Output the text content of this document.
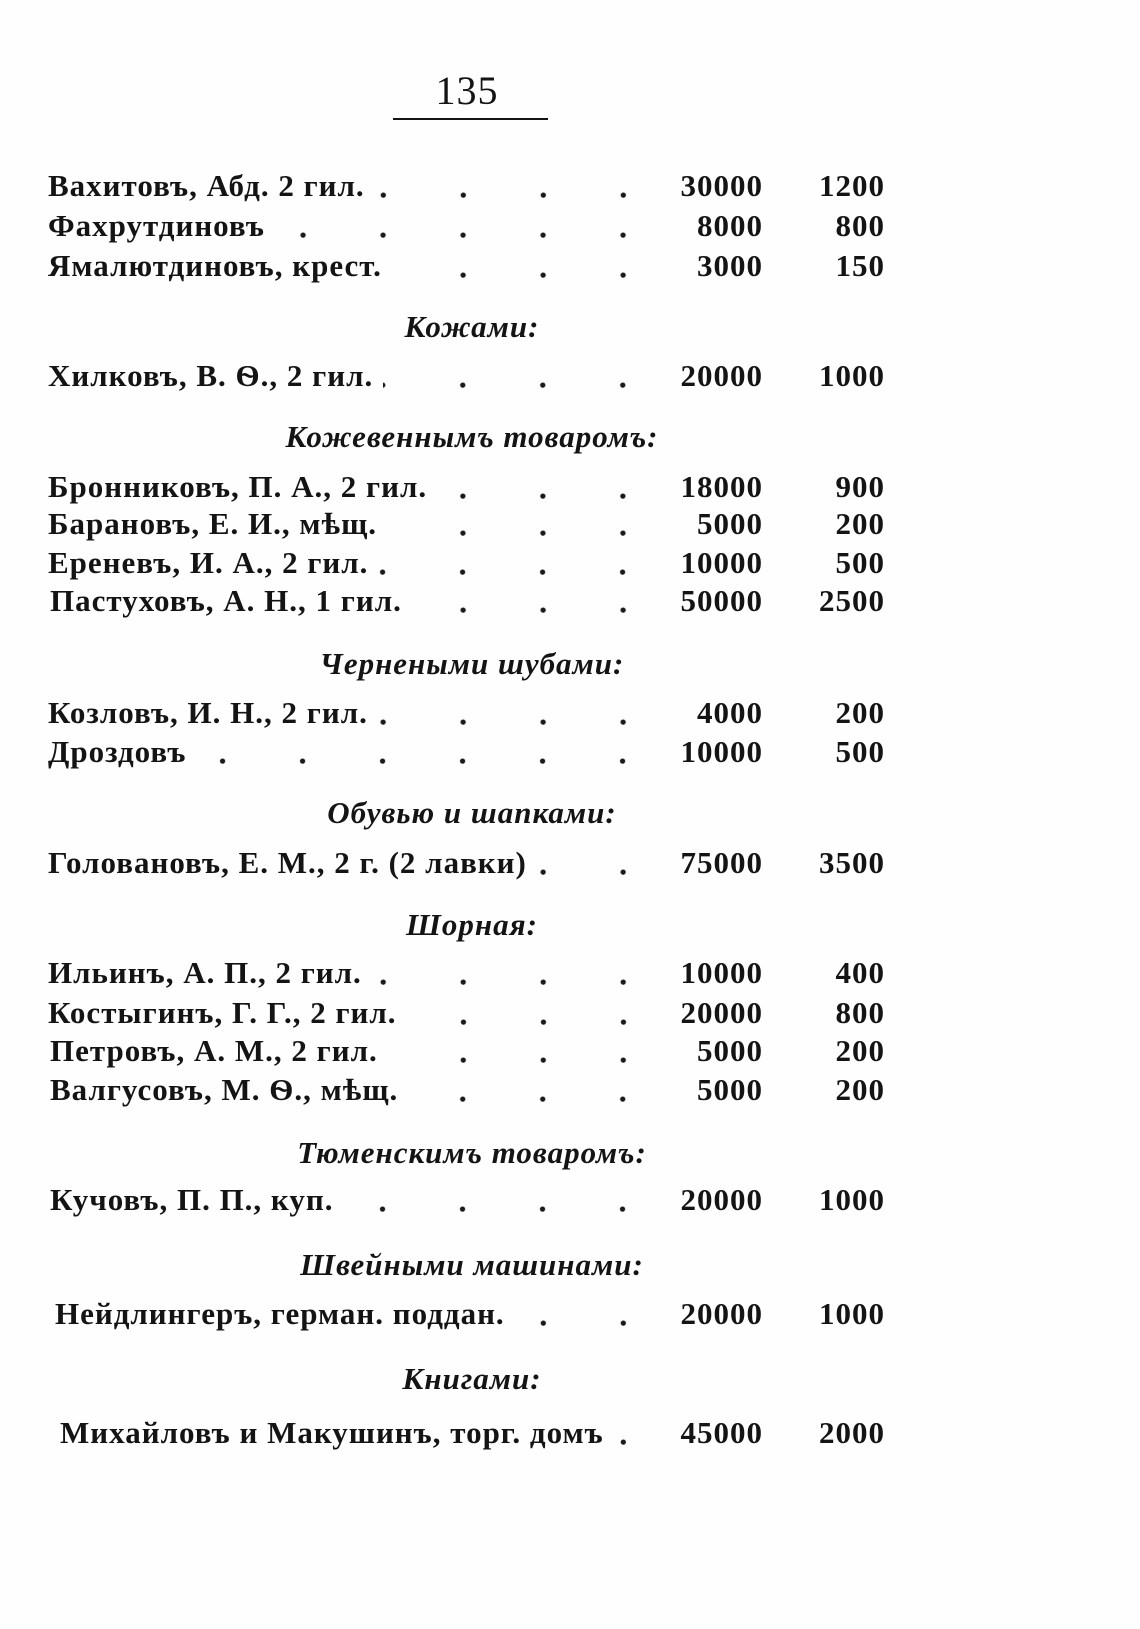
135
Вахитовъ, Абд. 2 гил.	30000	1200
Фахрутдиновъ	8000	800
Ямалютдиновъ, крест.	3000	150
Кожами:
Хилковъ, В. Ѳ., 2 гил.	20000	1000
Кожевеннымъ товаромъ:
Бронниковъ, П. А., 2 гил.	18000	900
Барановъ, Е. И., мѣщ.	5000	200
Ереневъ, И. А., 2 гил.	10000	500
Пастуховъ, А. Н., 1 гил.	50000	2500
Чернеными шубами:
Козловъ, И. Н., 2 гил.	4000	200
Дроздовъ	10000	500
Обувью и шапками:
Головановъ, Е. М., 2 г. (2 лавки)	75000	3500
Шорная:
Ильинъ, А. П., 2 гил.	10000	400
Костыгинъ, Г. Г., 2 гил.	20000	800
Петровъ, А. М., 2 гил.	5000	200
Валгусовъ, М. Ѳ., мѣщ.	5000	200
Тюменскимъ товаромъ:
Кучовъ, П. П., куп.	20000	1000
Швейными машинами:
Нейдлингеръ, герман. поддан.	20000	1000
Книгами:
Михайловъ и Макушинъ, торг. домъ	45000	2000
